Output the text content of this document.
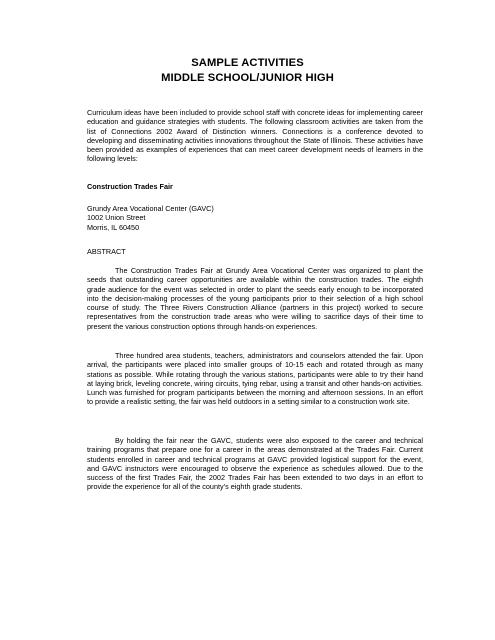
SAMPLE ACTIVITIES
MIDDLE SCHOOL/JUNIOR HIGH

Curriculum ideas have been included to provide school staff with concrete ideas for implementing career education and guidance strategies with students. The following classroom activities are taken from the list of Connections 2002 Award of Distinction winners. Connections is a conference devoted to developing and disseminating activities innovations throughout the State of Illinois. These activities have been provided as examples of experiences that can meet career development needs of learners in the following levels:

Construction Trades Fair

Grundy Area Vocational Center (GAVC)
1002 Union Street
Morris, IL 60450

ABSTRACT

The Construction Trades Fair at Grundy Area Vocational Center was organized to plant the seeds that outstanding career opportunities are available within the construction trades. The eighth grade audience for the event was selected in order to plant the seeds early enough to be incorporated into the decision-making processes of the young participants prior to their selection of a high school course of study. The Three Rivers Construction Alliance (partners in this project) worked to secure representatives from the construction trade areas who were willing to sacrifice days of their time to present the various construction options through hands-on experiences.

Three hundred area students, teachers, administrators and counselors attended the fair. Upon arrival, the participants were placed into smaller groups of 10-15 each and rotated through as many stations as possible. While rotating through the various stations, participants were able to try their hand at laying brick, leveling concrete, wiring circuits, tying rebar, using a transit and other hands-on activities. Lunch was furnished for program participants between the morning and afternoon sessions. In an effort to provide a realistic setting, the fair was held outdoors in a setting similar to a construction work site.

By holding the fair near the GAVC, students were also exposed to the career and technical training programs that prepare one for a career in the areas demonstrated at the Trades Fair. Current students enrolled in career and technical programs at GAVC provided logistical support for the event, and GAVC instructors were encouraged to observe the experience as schedules allowed. Due to the success of the first Trades Fair, the 2002 Trades Fair has been extended to two days in an effort to provide the experience for all of the county’s eighth grade students.
